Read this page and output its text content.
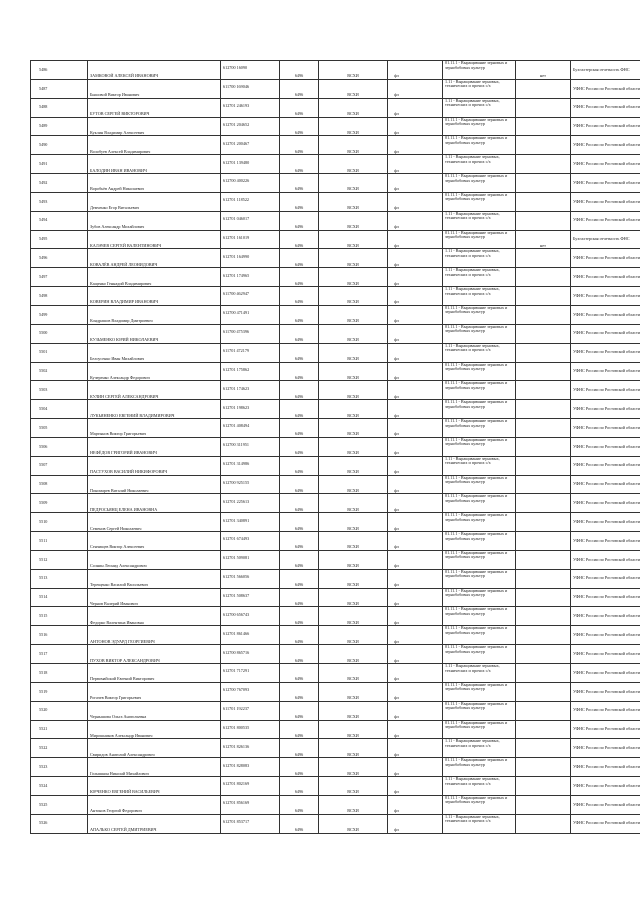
5486	ЗАМКОВОЙ АЛЕКСЕЙ ИВАНОВИЧ	612700 16090	6496	ВСХИ	фл	01.11.1 - Выращивание зерновых и зернобобовых культур	нет	Бухгалтерская отчетность ФНС
5487	Бышовой Виктор Иванович	611700 169046	6496	ВСХИ	фл	1.11 - Выращивание зерновых, технических и прочих с/х		УФНС России по Ростовской области
5488	БУТОВ СЕРГЕЙ ВИКТОРОВИЧ	612701 246193	6496	ВСХИ	фл	1.11 - Выращивание зерновых, технических и прочих с/х		УФНС России по Ростовской области
5489	Куклин Владимир Алексеевич	612701 204652	6496	ВСХИ	фл	01.11.1 - Выращивание зерновых и зернобобовых культур		УФНС России по Ростовской области
5490	Волобуев Алексей Владимирович	612701 200467	6496	ВСХИ	фл	01.11.1 - Выращивание зерновых и зернобобовых культур		УФНС России по Ростовской области
5491	БАЛОДИН ИВАН ИВАНОВИЧ	612701 139480	6496	ВСХИ	фл	1.11 - Выращивание зерновых, технических и прочих с/х		УФНС России по Ростовской области
5492	Воробьёв Андрей Николаевич	612700 400226	6496	ВСХИ	фл	01.11.1 - Выращивание зерновых и зернобобовых культур		УФНС России по Ростовской области
5493	Демченко Егор Витальевич	612701 118522	6496	ВСХИ	фл	01.11.1 - Выращивание зерновых и зернобобовых культур		УФНС России по Ростовской области
5494	Зубов Александр Михайлович	612701 046017	6496	ВСХИ	фл	1.11 - Выращивание зерновых, технических и прочих с/х		УФНС России по Ростовской области
5495	КАЛАЧЕВ СЕРГЕЙ ВАЛЕНТИНОВИЧ	612701 161019	6496	ВСХИ	фл	01.11.1 - Выращивание зерновых и зернобобовых культур	нет	Бухгалтерская отчетность ФНС
5496	КОВАЛЁВ АНДРЕЙ ЛЕОНИДОВИЧ	612701 164990	6496	ВСХИ	фл	1.11 - Выращивание зерновых, технических и прочих с/х		УФНС России по Ростовской области
5497	Кащенко Геннадий Владимирович	612701 174965	6496	ВСХИ	фл	1.11 - Выращивание зерновых, технических и прочих с/х		УФНС России по Ростовской области
5498	КОВЕРИН ВЛАДИМИР ИВАНОВИЧ	611700 462947	6496	ВСХИ	фл	1.11 - Выращивание зерновых, технических и прочих с/х		УФНС России по Ростовской области
5499	Кондрашов Владимир Дмитриевич	612700 471491	6496	ВСХИ	фл	01.11.1 - Выращивание зерновых и зернобобовых культур		УФНС России по Ростовской области
5500	КУЗЬМЕНКО ЮРИЙ НИКОЛАЕВИЧ	611700 475396	6496	ВСХИ	фл	01.11.1 - Выращивание зерновых и зернобобовых культур		УФНС России по Ростовской области
5501	Белоусенко Иван Михайлович	611701 472179	6496	ВСХИ	фл	1.11 - Выращивание зерновых, технических и прочих с/х		УФНС России по Ростовской области
5502	Кучеренко Александр Федорович	612701 175862	6496	ВСХИ	фл	01.11.1 - Выращивание зерновых и зернобобовых культур		УФНС России по Ростовской области
5503	КУЛИН СЕРГЕЙ АЛЕКСАНДРОВИЧ	612701 174623	6496	ВСХИ	фл	01.11.1 - Выращивание зерновых и зернобобовых культур		УФНС России по Ростовской области
5504	ЛУКЬЯНЕНКО ЕВГЕНИЙ ВЛАДИМИРОВИЧ	612701 198623	6496	ВСХИ	фл	01.11.1 - Выращивание зерновых и зернобобовых культур		УФНС России по Ростовской области
5505	Мартынов Виктор Григорьевич	612701 408494	6496	ВСХИ	фл	01.11.1 - Выращивание зерновых и зернобобовых культур		УФНС России по Ростовской области
5506	НЕФЁДОВ ГРИГОРИЙ ИВАНОВИЧ	612700 311951	6496	ВСХИ	фл	01.11.1 - Выращивание зерновых и зернобобовых культур		УФНС России по Ростовской области
5507	ПАСТУХОВ ВАСИЛИЙ НИКИФОРОВИЧ	612701 314986	6496	ВСХИ	фл	1.11 - Выращивание зерновых, технических и прочих с/х		УФНС России по Ростовской области
5508	Пономарев Виталий Николаевич	612700 925155	6496	ВСХИ	фл	01.11.1 - Выращивание зерновых и зернобобовых культур		УФНС России по Ростовской области
5509	ПЕДРОСЬЯНЦ ЕЛЕНА ИВАНОВНА	612701 225613	6496	ВСХИ	фл	01.11.1 - Выращивание зерновых и зернобобовых культур		УФНС России по Ростовской области
5510	Семенов Сергей Николаевич	612701 340891	6496	ВСХИ	фл	01.11.1 - Выращивание зерновых и зернобобовых культур		УФНС России по Ростовской области
5511	Сенчищев Виктор Алексеевич	612701 674493	6496	ВСХИ	фл	01.11.1 - Выращивание зерновых и зернобобовых культур		УФНС России по Ростовской области
5512	Солнин Леонид Александрович	612701 509081	6496	ВСХИ	фл	01.11.1 - Выращивание зерновых и зернобобовых культур		УФНС России по Ростовской области
5513	Терещенко Василий Васильевич	612701 566056	6496	ВСХИ	фл	01.11.1 - Выращивание зерновых и зернобобовых культур		УФНС России по Ростовской области
5514	Чернов Валерий Иванович	612701 508637	6496	ВСХИ	фл	01.11.1 - Выращивание зерновых и зернобобовых культур		УФНС России по Ростовской области
5515	Федорко Валентина Ивановна	612700 656743	6496	ВСХИ	фл	01.11.1 - Выращивание зерновых и зернобобовых культур		УФНС России по Ростовской области
5516	АНТОНОВ ЭДУАРД ГЕОРГИЕВИЧ	612701 861466	6496	ВСХИ	фл	01.11.1 - Выращивание зерновых и зернобобовых культур		УФНС России по Ростовской области
5517	ПУХОВ ВИКТОР АЛЕКСАНДРОВИЧ	612700 865716	6496	ВСХИ	фл	01.11.1 - Выращивание зерновых и зернобобовых культур		УФНС России по Ростовской области
5518	Первомайский Евгений Викторович	612701 717291	6496	ВСХИ	фл	1.11 - Выращивание зерновых, технических и прочих с/х		УФНС России по Ростовской области
5519	Рогачев Виктор Григорьевич	612700 767093	6496	ВСХИ	фл	01.11.1 - Выращивание зерновых и зернобобовых культур		УФНС России по Ростовской области
5520	Чернышова Ольга Анатольевна	611701 192237	6496	ВСХИ	фл	01.11.1 - Выращивание зерновых и зернобобовых культур		УФНС России по Ростовской области
5521	Мирошников Александр Иванович	612701 800535	6496	ВСХИ	фл	01.11.1 - Выращивание зерновых и зернобобовых культур		УФНС России по Ростовской области
5522	Свиридов Анатолий Александрович	612701 826136	6496	ВСХИ	фл	1.11 - Выращивание зерновых, технических и прочих с/х		УФНС России по Ростовской области
5523	Голышкин Николай Михайлович	612701 828083	6496	ВСХИ	фл	01.11.1 - Выращивание зерновых и зернобобовых культур		УФНС России по Ростовской области
5524	ЮРЧЕНКО ЕВГЕНИЙ ВАСИЛЬЕВИЧ	612701 802169	6496	ВСХИ	фл	1.11 - Выращивание зерновых, технических и прочих с/х		УФНС России по Ростовской области
5525	Антонов Георгий Федорович	612701 856169	6496	ВСХИ	фл	01.11.1 - Выращивание зерновых и зернобобовых культур		УФНС России по Ростовской области
5526	АПАЛЬКО СЕРГЕЙ ДМИТРИЕВИЧ	612701 853717	6496	ВСХИ	фл	1.11 - Выращивание зерновых, технических и прочих с/х		УФНС России по Ростовской области
